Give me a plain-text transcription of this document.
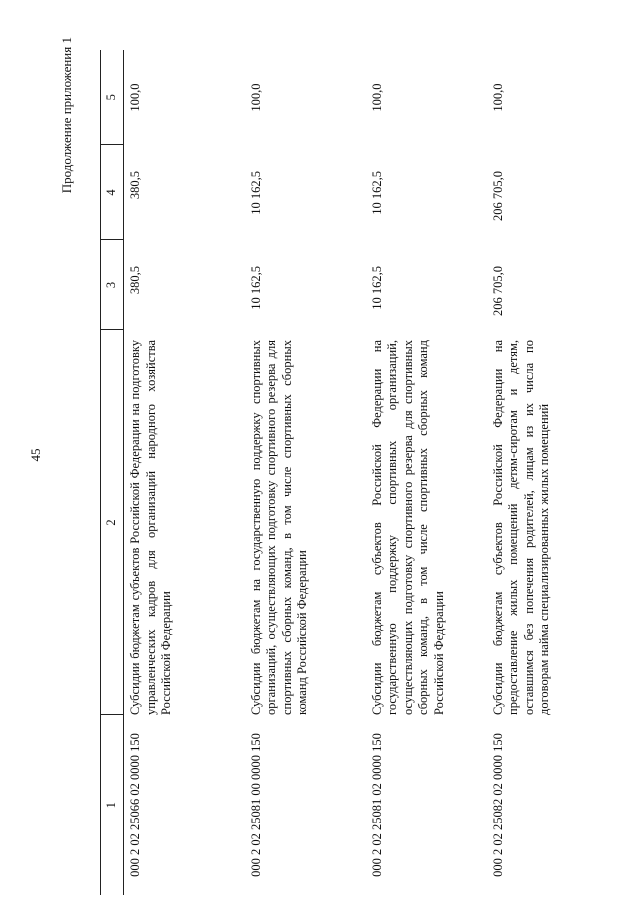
45
Продолжение приложения 1
1	2	3	4	5
000 2 02 25066 02 0000 150	Субсидии бюджетам субъектов Российской Федерации на подготовку управленческих кадров для организаций народного хозяйства Российской Федерации	380,5	380,5	100,0
000 2 02 25081 00 0000 150	Субсидии бюджетам на государственную поддержку спортивных организаций, осуществляющих подготовку спортивного резерва для спортивных сборных команд, в том числе спортивных сборных команд Российской Федерации	10 162,5	10 162,5	100,0
000 2 02 25081 02 0000 150	Субсидии бюджетам субъектов Российской Федерации на государственную поддержку спортивных организаций, осуществляющих подготовку спортивного резерва для спортивных сборных команд, в том числе спортивных сборных команд Российской Федерации	10 162,5	10 162,5	100,0
000 2 02 25082 02 0000 150	Субсидии бюджетам субъектов Российской Федерации на предоставление жилых помещений детям-сиротам и детям, оставшимся без попечения родителей, лицам из их числа по договорам найма специализированных жилых помещений	206 705,0	206 705,0	100,0
